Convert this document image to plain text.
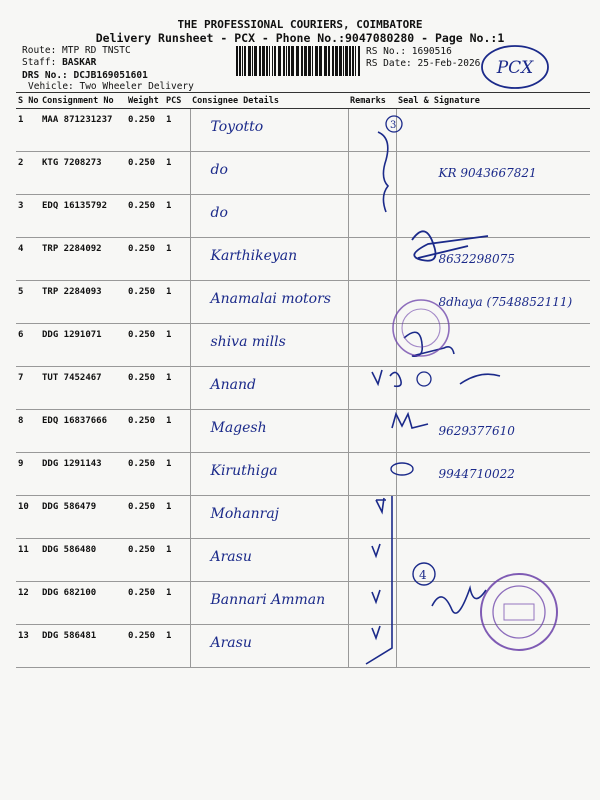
THE PROFESSIONAL COURIERS, COIMBATORE
Delivery Runsheet - PCX - Phone No.:9047080280 - Page No.:1
Route: MTP RD TNSTC
Staff: BASKAR
DRS No.: DCJB169051601
Vehicle: Two Wheeler Delivery
RS No.: 1690516
RS Date: 25-Feb-2026 PCX
S No	Consignment No	Weight	PCS	Consignee Details	Remarks	Seal & Signature
1	MAA 871231237	0.250	1	Toyotto		
2	KTG 7208273	0.250	1	do		KR 9043667821
3	EDQ 16135792	0.250	1	do		
4	TRP 2284092	0.250	1	Karthikeyan		8632298075
5	TRP 2284093	0.250	1	Anamalai motors		8dhaya (7548852111)
6	DDG 1291071	0.250	1	shiva mills		
7	TUT 7452467	0.250	1	Anand		
8	EDQ 16837666	0.250	1	Magesh		9629377610
9	DDG 1291143	0.250	1	Kiruthiga		9944710022
10	DDG 586479	0.250	1	Mohanraj		
11	DDG 586480	0.250	1	Arasu		
12	DDG 682100	0.250	1	Bannari Amman		
13	DDG 586481	0.250	1	Arasu		
3
4
